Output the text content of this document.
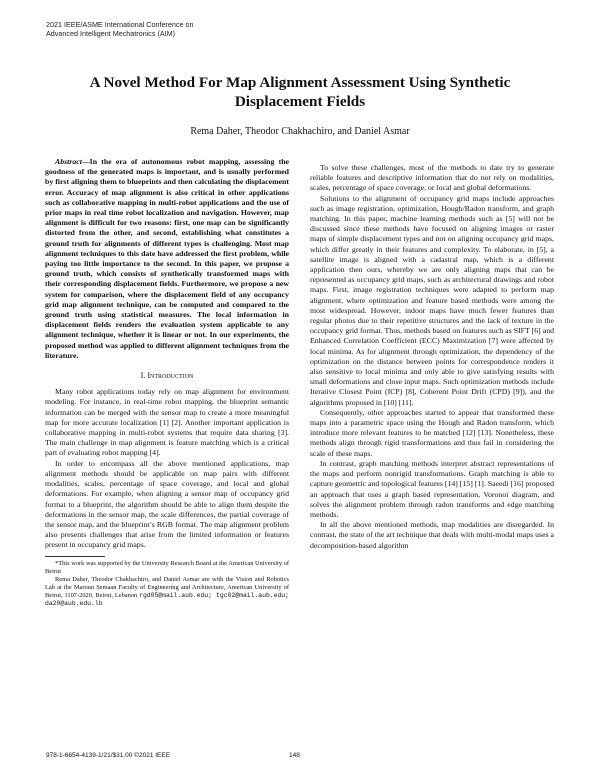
2021 IEEE/ASME International Conference on
Advanced Intelligent Mechatronics (AIM)
A Novel Method For Map Alignment Assessment Using Synthetic
Displacement Fields
Rema Daher, Theodor Chakhachiro, and Daniel Asmar

Abstract—In the era of autonomous robot mapping, assessing the goodness of the generated maps is important, and is usually performed by first aligning them to blueprints and then calculating the displacement error. Accuracy of map alignment is also critical in other applications such as collaborative mapping in multi-robot applications and the use of prior maps in real time robot localization and navigation. However, map alignment is difficult for two reasons: first, one map can be significantly distorted from the other, and second, establishing what constitutes a ground truth for alignments of different types is challenging. Most map alignment techniques to this date have addressed the first problem, while paying too little importance to the second. In this paper, we propose a ground truth, which consists of synthetically transformed maps with their corresponding displacement fields. Furthermore, we propose a new system for comparison, where the displacement field of any occupancy grid map alignment technique, can be computed and compared to the ground truth using statistical measures. The local information in displacement fields renders the evaluation system applicable to any alignment technique, whether it is linear or not. In our experiments, the proposed method was applied to different alignment techniques from the literature.

I. Introduction

Many robot applications today rely on map alignment for environment modeling. For instance, in real-time robot mapping, the blueprint semantic information can be merged with the sensor map to create a more meaningful map for more accurate localization [1] [2]. Another important application is collaborative mapping in multi-robot systems that require data sharing [3]. The main challenge in map alignment is feature matching which is a critical part of evaluating robot mapping [4].

In order to encompass all the above mentioned applications, map alignment methods should be applicable on map pairs with different modalities, scales, percentage of space coverage, and local and global deformations. For example, when aligning a sensor map of occupancy grid format to a blueprint, the algorithm should be able to align them despite the deformations in the sensor map, the scale differences, the partial coverage of the sensor map, and the blueprint’s RGB format. The map alignment problem also presents challenges that arise from the limited information or features present in occupancy grid maps.

*This work was supported by the University Research Board at the American University of Beirut

Rema Daher, Theodor Chakhachiro, and Daniel Asmar are with the Vision and Robotics Lab at the Maroun Semaan Faculty of Engineering and Architecture, American University of Beirut, 1107-2020, Beirut, Lebanon rgd05@mail.aub.edu; tgc02@mail.aub.edu; da20@aub.edu.lb

To solve these challenges, most of the methods to date try to generate reliable features and descriptive information that do not rely on modalities, scales, percentage of space coverage, or local and global deformations.

Solutions to the alignment of occupancy grid maps include approaches such as image registration, optimization, Hough/Radon transform, and graph matching. In this paper, machine learning methods such as [5] will not be discussed since these methods have focused on aligning images or raster maps of simple displacement types and not on aligning occupancy grid maps, which differ greatly in their features and complexity. To elaborate, in [5], a satellite image is aligned with a cadastral map, which is a different application then ours, whereby we are only aligning maps that can be represented as occupancy grid maps, such as architectural drawings and robot maps. First, image registration techniques were adapted to perform map alignment, where optimization and feature based methods were among the most widespread. However, indoor maps have much fewer features than regular photos due to their repetitive structures and the lack of texture in the occupancy grid format. Thus, methods based on features such as SIFT [6] and Enhanced Correlation Coefficient (ECC) Maximization [7] were affected by local minima. As for alignment through optimization, the dependency of the optimization on the distance between points for correspondence renders it also sensitive to local minima and only able to give satisfying results with small deformations and close input maps. Such optimization methods include Iterative Closest Point (ICP) [8], Coherent Point Drift (CPD) [9]), and the algorithms proposed in [10] [11].

Consequently, other approaches started to appear that transformed these maps into a parametric space using the Hough and Radon transform, which introduce more relevant features to be matched [12] [13]. Nonetheless, these methods align through rigid transformations and thus fail in considering the scale of these maps.

In contrast, graph matching methods interpret abstract representations of the maps and perform nonrigid transformations. Graph matching is able to capture geometric and topological features [14] [15] [1]. Saeedi [16] proposed an approach that uses a graph based representation, Voronoi diagram, and solves the alignment problem through radon transforms and edge matching methods.

In all the above mentioned methods, map modalities are disregarded. In contrast, the state of the art technique that deals with multi-modal maps uses a decomposition-based algorithm

978-1-6654-4139-1/21/$31.00 ©2021 IEEE	148
